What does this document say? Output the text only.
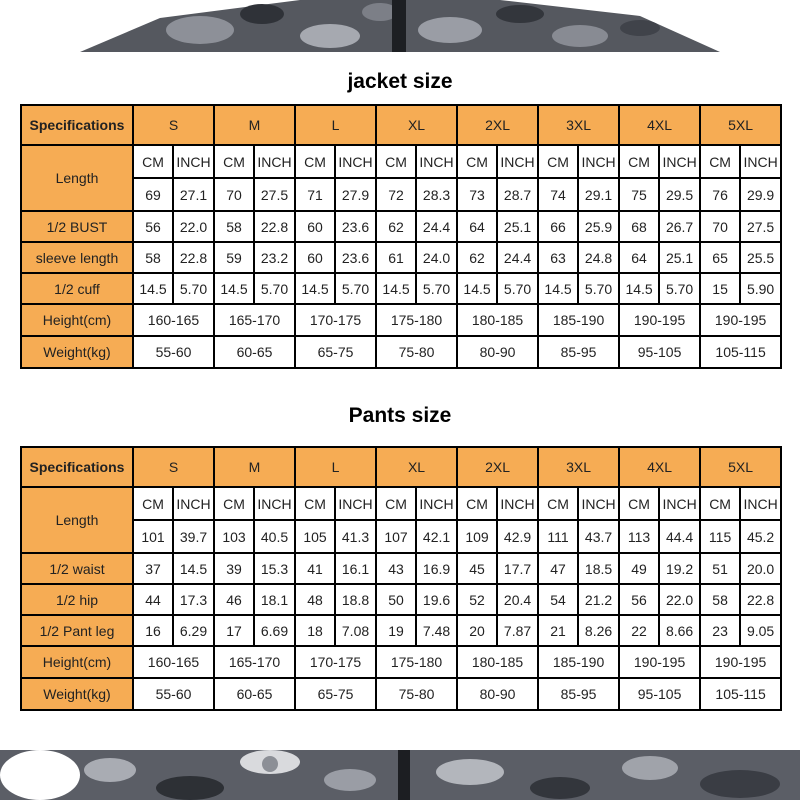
jacket size
Specifications	S		M		L		XL		2XL		3XL		4XL		5XL	
Length	CM	INCH	CM	INCH	CM	INCH	CM	INCH	CM	INCH	CM	INCH	CM	INCH	CM	INCH
	69	27.1	70	27.5	71	27.9	72	28.3	73	28.7	74	29.1	75	29.5	76	29.9
1/2 BUST	56	22.0	58	22.8	60	23.6	62	24.4	64	25.1	66	25.9	68	26.7	70	27.5
sleeve length	58	22.8	59	23.2	60	23.6	61	24.0	62	24.4	63	24.8	64	25.1	65	25.5
1/2 cuff	14.5	5.70	14.5	5.70	14.5	5.70	14.5	5.70	14.5	5.70	14.5	5.70	14.5	5.70	15	5.90
Height(cm)	160-165		165-170		170-175		175-180		180-185		185-190		190-195		190-195	
Weight(kg)	55-60		60-65		65-75		75-80		80-90		85-95		95-105		105-115	
Pants size
Specifications	S		M		L		XL		2XL		3XL		4XL		5XL	
Length	CM	INCH	CM	INCH	CM	INCH	CM	INCH	CM	INCH	CM	INCH	CM	INCH	CM	INCH
	101	39.7	103	40.5	105	41.3	107	42.1	109	42.9	111	43.7	113	44.4	115	45.2
1/2 waist	37	14.5	39	15.3	41	16.1	43	16.9	45	17.7	47	18.5	49	19.2	51	20.0
1/2 hip	44	17.3	46	18.1	48	18.8	50	19.6	52	20.4	54	21.2	56	22.0	58	22.8
1/2 Pant leg	16	6.29	17	6.69	18	7.08	19	7.48	20	7.87	21	8.26	22	8.66	23	9.05
Height(cm)	160-165		165-170		170-175		175-180		180-185		185-190		190-195		190-195	
Weight(kg)	55-60		60-65		65-75		75-80		80-90		85-95		95-105		105-115	
